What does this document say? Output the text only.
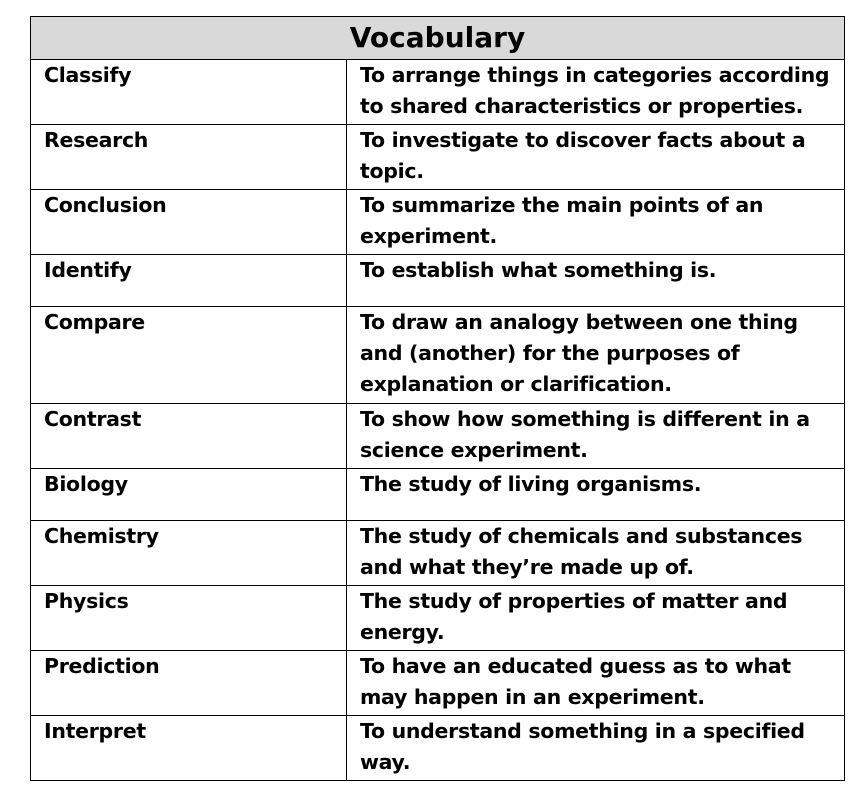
Vocabulary	
Classify	To arrange things in categories according to shared characteristics or properties.
Research	To investigate to discover facts about a topic.
Conclusion	To summarize the main points of an experiment.
Identify	To establish what something is.
Compare	To draw an analogy between one thing and (another) for the purposes of explanation or clarification.
Contrast	To show how something is different in a science experiment.
Biology	The study of living organisms.
Chemistry	The study of chemicals and substances and what they’re made up of.
Physics	The study of properties of matter and energy.
Prediction	To have an educated guess as to what may happen in an experiment.
Interpret	To understand something in a specified way.
